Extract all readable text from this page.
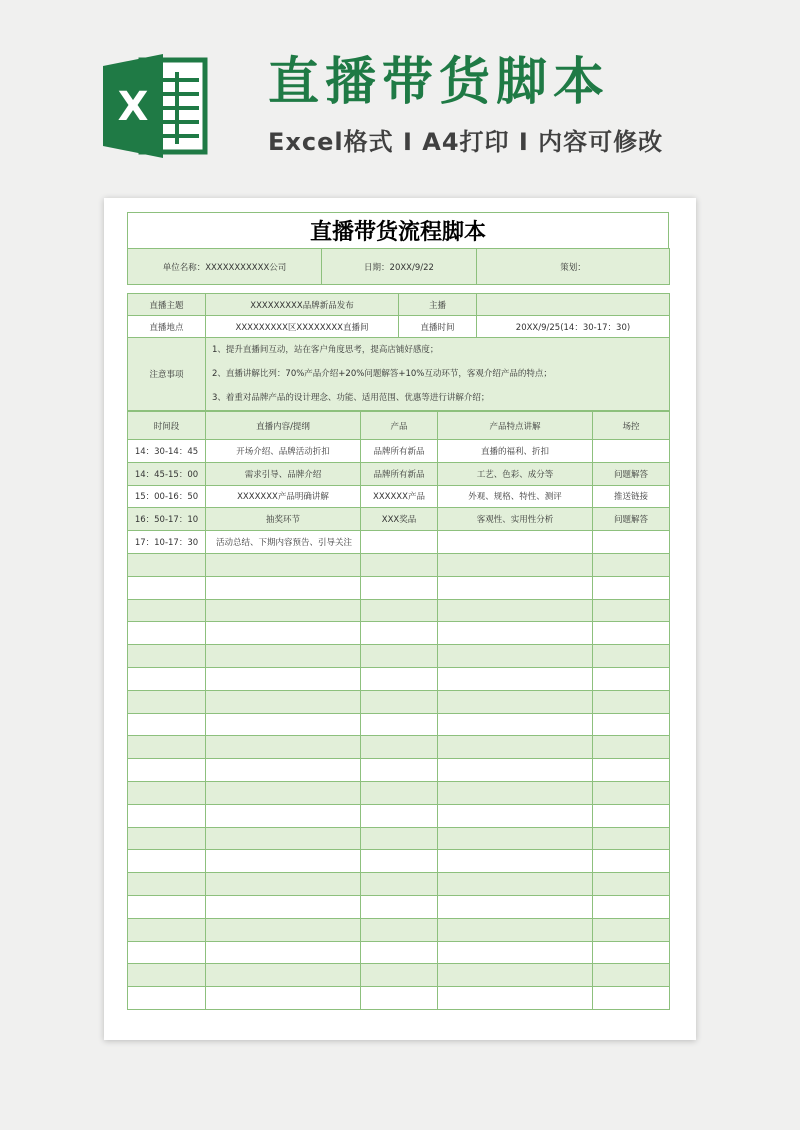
X 直播带货脚本
Excel格式 Ι A4打印 Ι 内容可修改
直播带货流程脚本
单位名称：XXXXXXXXXXX公司	日期：20XX/9/22	策划：
直播主题	XXXXXXXXX品牌新品发布	主播	
直播地点	XXXXXXXXX区XXXXXXXX直播间	直播时间	20XX/9/25(14：30-17：30)
注意事项	1、提升直播间互动，站在客户角度思考，提高店铺好感度；
2、直播讲解比列：70%产品介绍+20%问题解答+10%互动环节，客观介绍产品的特点；
3、着重对品牌产品的设计理念、功能、适用范围、优惠等进行讲解介绍；		
时间段	直播内容/提纲	产品	产品特点讲解	场控
14：30-14：45	开场介绍、品牌活动折扣	品牌所有新品	直播的福利、折扣	
14：45-15：00	需求引导、品牌介绍	品牌所有新品	工艺、色彩、成分等	问题解答
15：00-16：50	XXXXXXX产品明确讲解	XXXXXX产品	外观、规格、特性、测评	推送链接
16：50-17：10	抽奖环节	XXX奖品	客观性、实用性分析	问题解答
17：10-17：30	活动总结、下期内容预告、引导关注			
